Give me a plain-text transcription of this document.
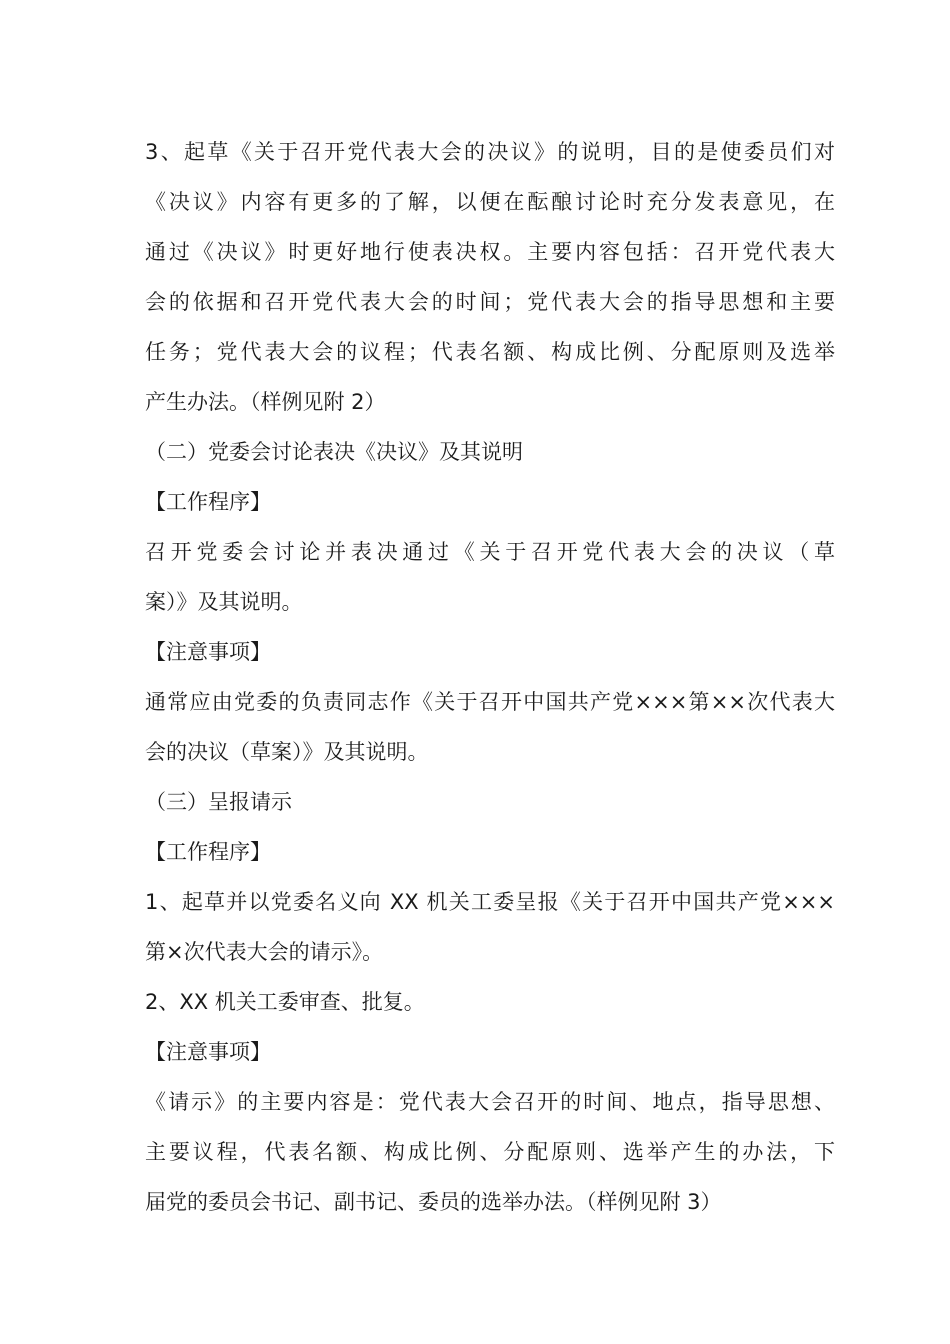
3、起草《关于召开党代表大会的决议》的说明，目的是使委员们对
《决议》内容有更多的了解，以便在酝酿讨论时充分发表意见，在
通过《决议》时更好地行使表决权。主要内容包括：召开党代表大
会的依据和召开党代表大会的时间；党代表大会的指导思想和主要
任务；党代表大会的议程；代表名额、构成比例、分配原则及选举
产生办法。（样例见附 2）
（二）党委会讨论表决《决议》及其说明
【工作程序】
召开党委会讨论并表决通过《关于召开党代表大会的决议（草
案）》及其说明。
【注意事项】
通常应由党委的负责同志作《关于召开中国共产党×××第××次代表大
会的决议（草案）》及其说明。
（三）呈报请示
【工作程序】
1、起草并以党委名义向 XX 机关工委呈报《关于召开中国共产党×××
第×次代表大会的请示》。
2、XX 机关工委审查、批复。
【注意事项】
《请示》的主要内容是：党代表大会召开的时间、地点，指导思想、
主要议程，代表名额、构成比例、分配原则、选举产生的办法，下
届党的委员会书记、副书记、委员的选举办法。（样例见附 3）
